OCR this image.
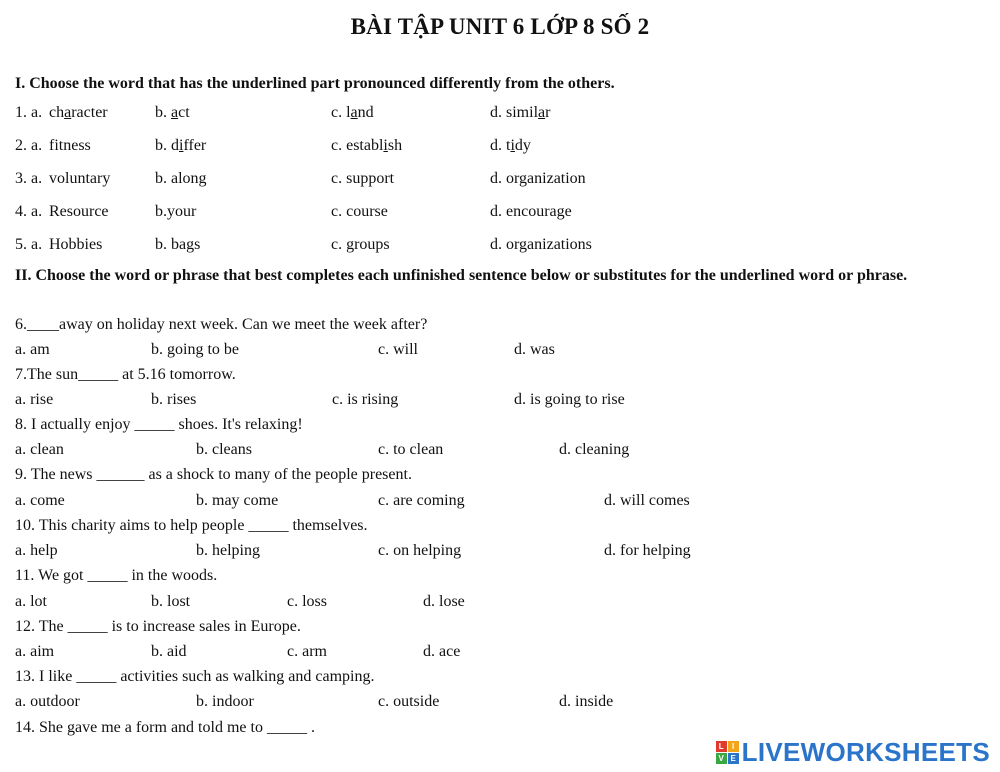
BÀI TẬP UNIT 6 LỚP 8 SỐ 2
I. Choose the word that has the underlined part pronounced differently from the others.
1. a. character	b. act	c. land	d. similar
2. a. fitness	b. differ	c. establish	d. tidy
3. a. voluntary	b. along	c. support	d. organization
4. a. Resource	b.your	c. course	d. encourage
5. a. Hobbies	b. bags	c. groups	d. organizations
II. Choose the word or phrase that best completes each unfinished sentence below or substitutes for the underlined word or phrase.
6.____away on holiday next week. Can we meet the week after?
a. am	b. going to be	c. will	d. was
7.The sun_____ at 5.16 tomorrow.
a. rise	b. rises	c. is rising	d. is going to rise
8. I actually enjoy _____ shoes. It's relaxing!
a. clean	b. cleans	c. to clean	d. cleaning
9. The news ______ as a shock to many of the people present.
a. come	b. may come	c. are coming	d. will comes
10. This charity aims to help people _____ themselves.
a. help	b. helping	c. on helping	d. for helping
11. We got _____ in the woods.
a. lot	b. lost	c. loss	d. lose
12. The _____ is to increase sales in Europe.
a. aim	b. aid	c. arm	d. ace
13. I like _____ activities such as walking and camping.
a. outdoor	b. indoor	c. outside	d. inside
14. She gave me a form and told me to _____ .
L	I
V E LIVEWORKSHEETS
